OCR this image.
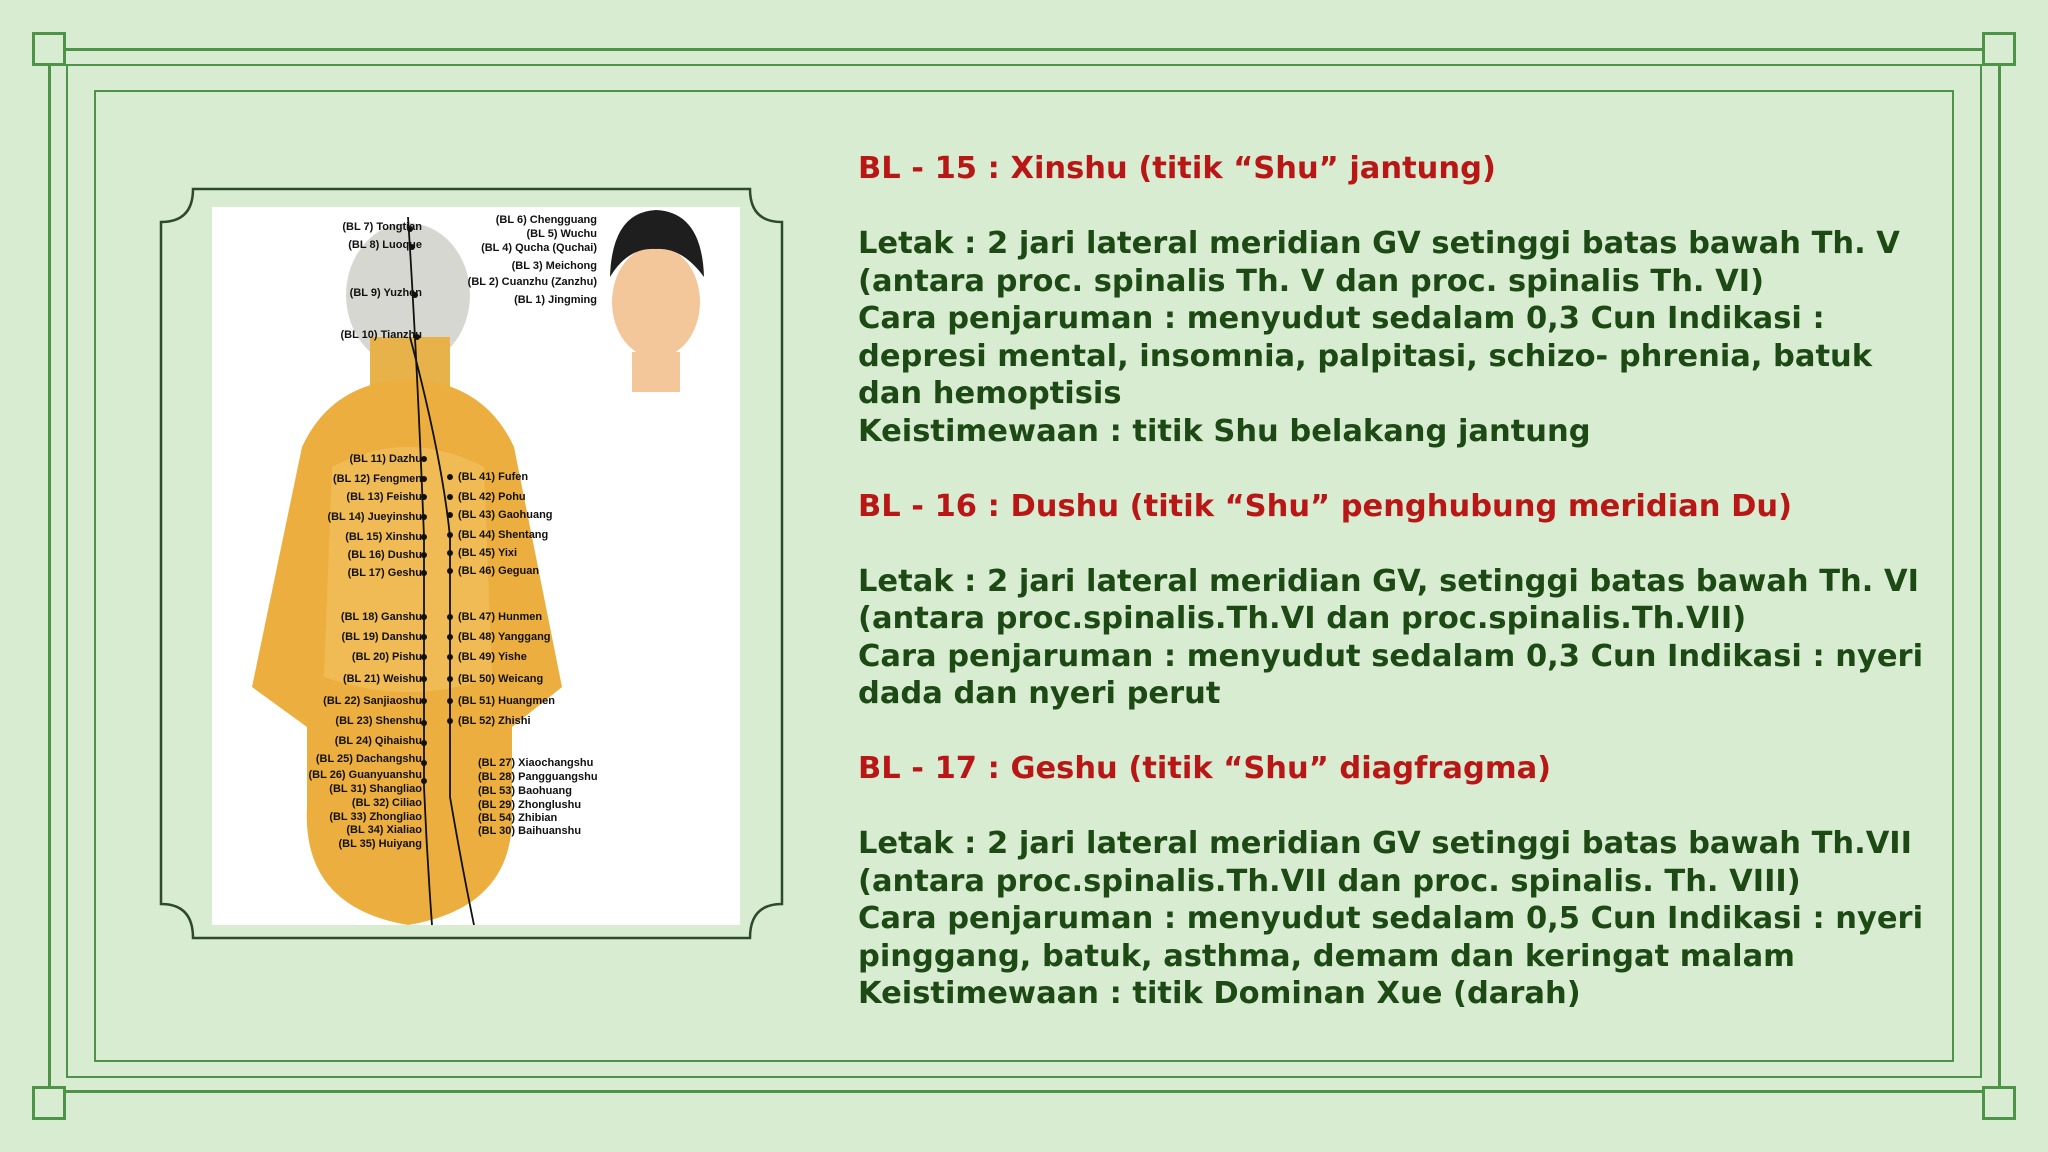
(BL 7) Tongtian
(BL 8) Luoque
(BL 9) Yuzhen
(BL 10) Tianzhu
(BL 11) Dazhu
(BL 12) Fengmen
(BL 13) Feishu
(BL 14) Jueyinshu
(BL 15) Xinshu
(BL 16) Dushu
(BL 17) Geshu
(BL 18) Ganshu
(BL 19) Danshu
(BL 20) Pishu
(BL 21) Weishu
(BL 22) Sanjiaoshu
(BL 23) Shenshu
(BL 24) Qihaishu
(BL 25) Dachangshu
(BL 26) Guanyuanshu
(BL 31) Shangliao
(BL 32) Ciliao
(BL 33) Zhongliao
(BL 34) Xialiao
(BL 35) Huiyang
(BL 41) Fufen
(BL 42) Pohu
(BL 43) Gaohuang
(BL 44) Shentang
(BL 45) Yixi
(BL 46) Geguan
(BL 47) Hunmen
(BL 48) Yanggang
(BL 49) Yishe
(BL 50) Weicang
(BL 51) Huangmen
(BL 52) Zhishi
(BL 27) Xiaochangshu
(BL 28) Pangguangshu
(BL 53) Baohuang
(BL 29) Zhonglushu
(BL 54) Zhibian
(BL 30) Baihuanshu
(BL 6) Chengguang
(BL 5) Wuchu
(BL 4) Qucha (Quchai)
(BL 3) Meichong
(BL 2) Cuanzhu (Zanzhu)
(BL 1) Jingming

BL - 15 : Xinshu (titik “Shu” jantung)

Letak : 2 jari lateral meridian GV setinggi batas bawah Th. V (antara proc. spinalis Th. V dan proc. spinalis Th. VI)

Cara penjaruman : menyudut sedalam 0,3 Cun Indikasi : depresi mental, insomnia, palpitasi, schizo- phrenia, batuk dan hemoptisis

Keistimewaan : titik Shu belakang jantung

BL - 16 : Dushu (titik “Shu” penghubung meridian Du)

Letak : 2 jari lateral meridian GV, setinggi batas bawah Th. VI (antara proc.spinalis.Th.VI dan proc.spinalis.Th.VII)

Cara penjaruman : menyudut sedalam 0,3 Cun Indikasi : nyeri dada dan nyeri perut

BL - 17 : Geshu (titik “Shu” diagfragma)

Letak : 2 jari lateral meridian GV setinggi batas bawah Th.VII (antara proc.spinalis.Th.VII dan proc. spinalis. Th. VIII)

Cara penjaruman : menyudut sedalam 0,5 Cun Indikasi : nyeri pinggang, batuk, asthma, demam dan keringat malam

Keistimewaan : titik Dominan Xue (darah)
